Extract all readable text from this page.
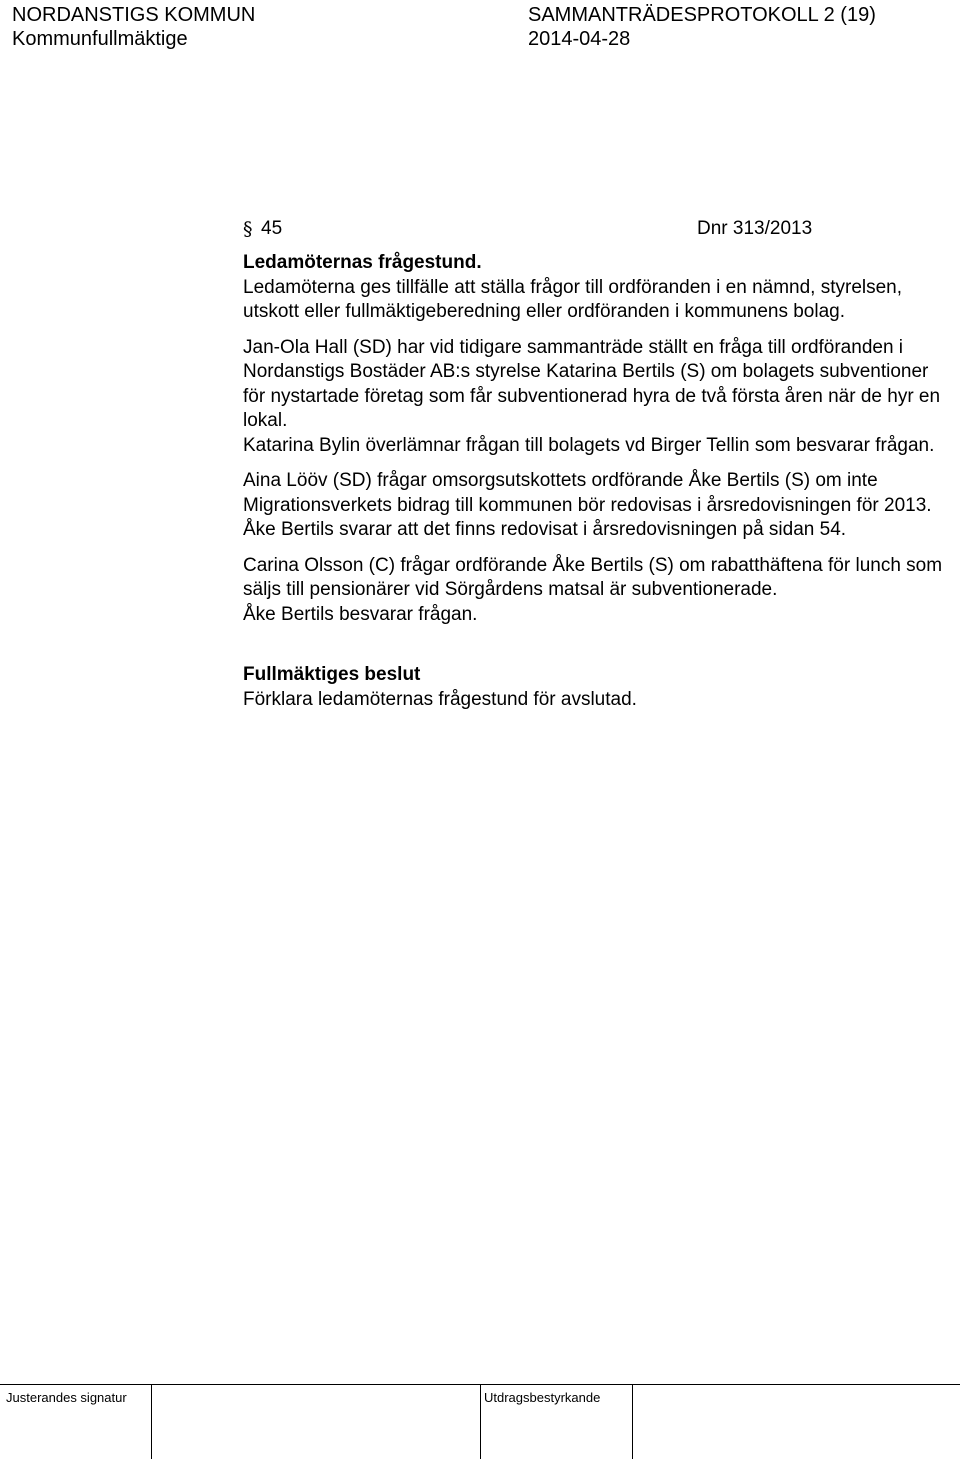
NORDANSTIGS KOMMUN
Kommunfullmäktige
SAMMANTRÄDESPROTOKOLL 2 (19)
2014-04-28
§ 45	Dnr 313/2013

Ledamöternas frågestund.

Ledamöterna ges tillfälle att ställa frågor till ordföranden i en nämnd, styrelsen, utskott eller fullmäktigeberedning eller ordföranden i kommunens bolag.

Jan-Ola Hall (SD) har vid tidigare sammanträde ställt en fråga till ordföranden i Nordanstigs Bostäder AB:s styrelse Katarina Bertils (S) om bolagets subventioner för nystartade företag som får subventionerad hyra de två första åren när de hyr en lokal.

Katarina Bylin överlämnar frågan till bolagets vd Birger Tellin som besvarar frågan.

Aina Lööv (SD) frågar omsorgsutskottets ordförande Åke Bertils (S) om inte Migrationsverkets bidrag till kommunen bör redovisas i årsredovisningen för 2013.

Åke Bertils svarar att det finns redovisat i årsredovisningen på sidan 54.

Carina Olsson (C) frågar ordförande Åke Bertils (S) om rabatthäftena för lunch som säljs till pensionärer vid Sörgårdens matsal är subventionerade.

Åke Bertils besvarar frågan.

Fullmäktiges beslut

Förklara ledamöternas frågestund för avslutad.

Justerandes signatur	Utdragsbestyrkande
